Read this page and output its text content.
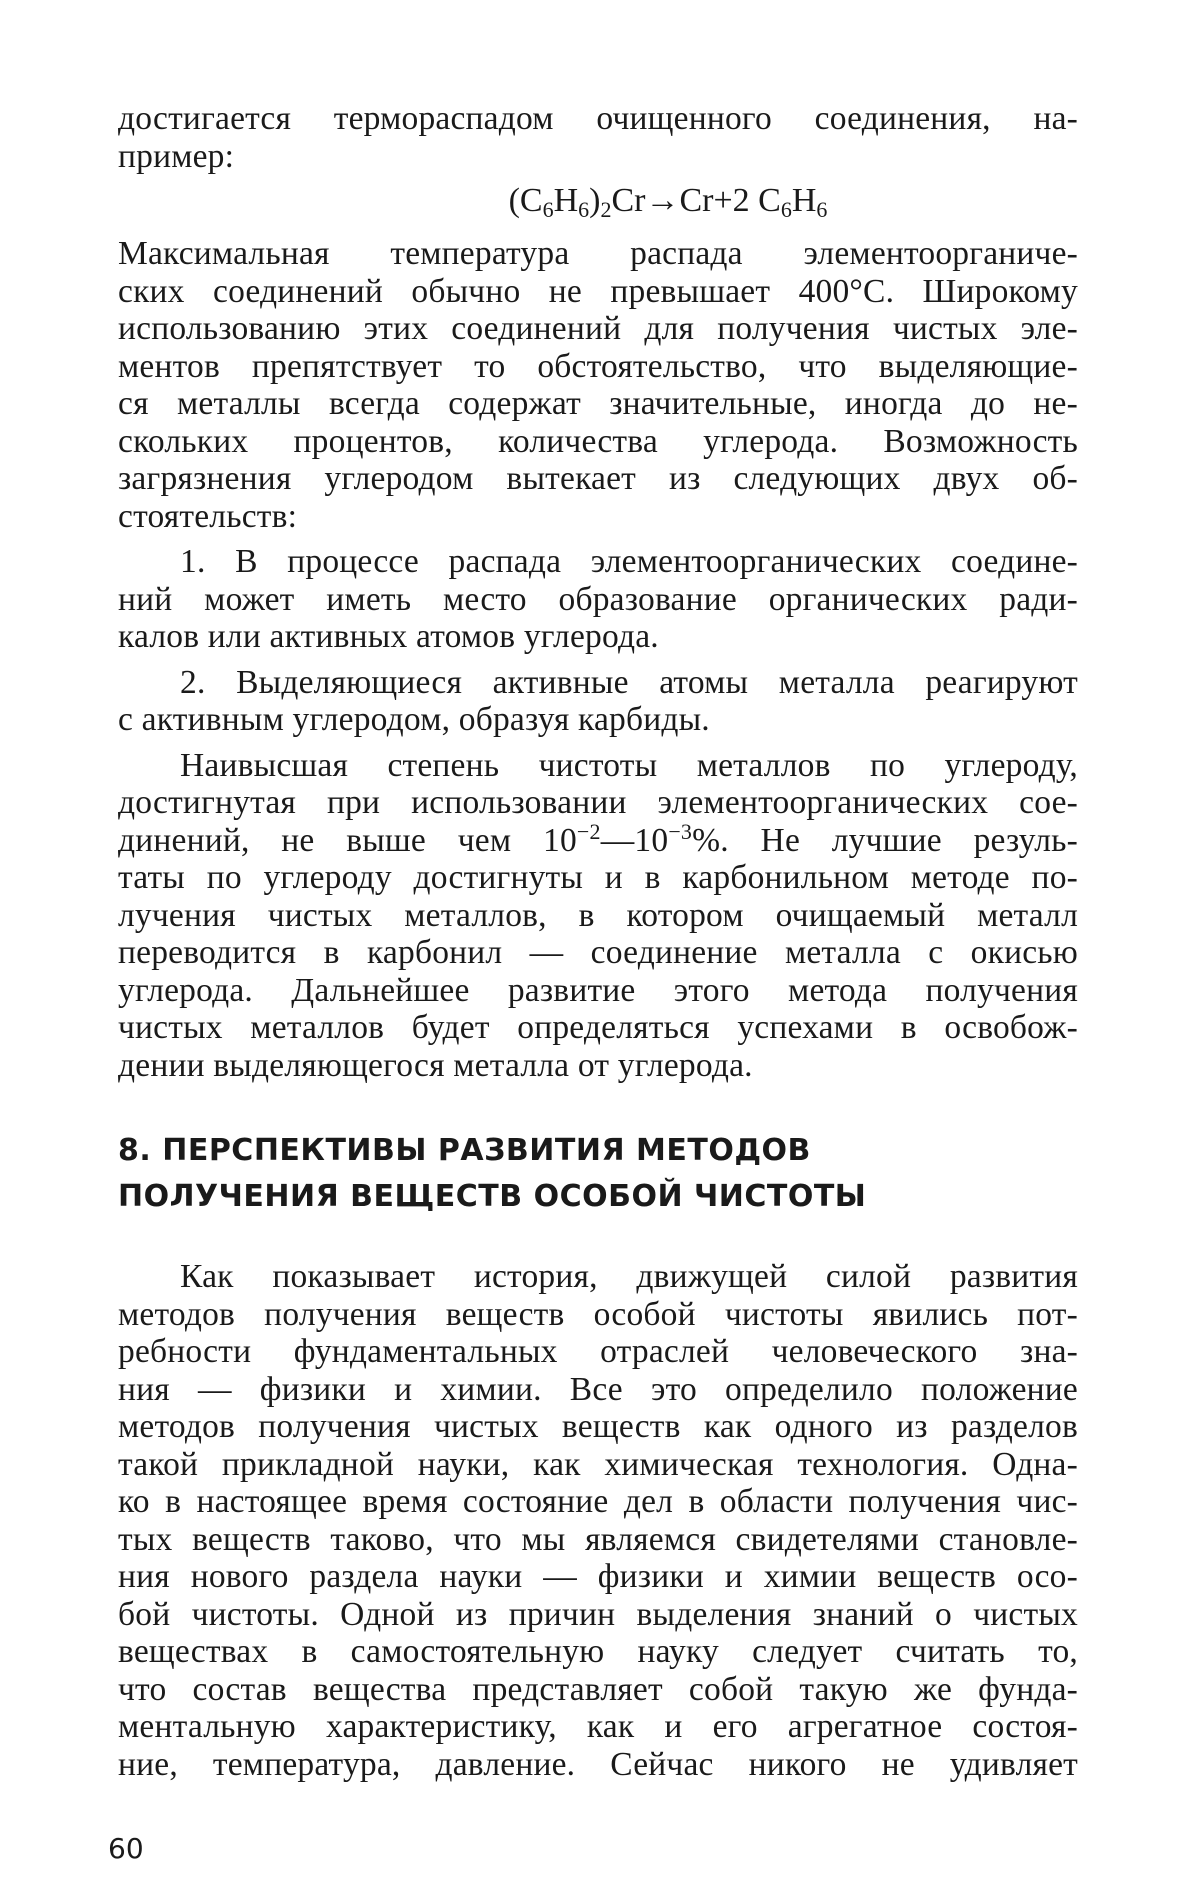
достигается термораспадом очищенного соединения, на-
пример:
$(C_6H_6)_2Cr\to Cr+2$ $C_6H_6$
Максимальная температура распада элементоорганиче-
ских соединений обычно не превышает 400°С. Широкому
использованию этих соединений для получения чистых эле-
ментов препятствует то обстоятельство, что выделяющие-
ся металлы всегда содержат значительные, иногда до не-
скольких процентов, количества углерода. Возможность
загрязнения углеродом вытекает из следующих двух об-
стоятельств:
1. В процессе распада элементоорганических соедине-
ний может иметь место образование органических ради-
калов или активных атомов углерода.
2. Выделяющиеся активные атомы металла реагируют
с активным углеродом, образуя карбиды.
Наивысшая степень чистоты металлов по углероду,
достигнутая при использовании элементоорганических сое-
динений, не выше чем $10^{-2}—10^{-3}\%$. Не лучшие резуль-
таты по углероду достигнуты и в карбонильном методе по-
лучения чистых металлов, в котором очищаемый металл
переводится в карбонил — соединение металла с окисью
углерода. Дальнейшее развитие этого метода получения
чистых металлов будет определяться успехами в освобож-
дении выделяющегося металла от углерода.
8. ПЕРСПЕКТИВЫ РАЗВИТИЯ МЕТОДОВ
ПОЛУЧЕНИЯ ВЕЩЕСТВ ОСОБОЙ ЧИСТОТЫ
Как показывает история, движущей силой развития
методов получения веществ особой чистоты явились пот-
ребности фундаментальных отраслей человеческого зна-
ния — физики и химии. Все это определило положение
методов получения чистых веществ как одного из разделов
такой прикладной науки, как химическая технология. Одна-
ко в настоящее время состояние дел в области получения чис-
тых веществ таково, что мы являемся свидетелями становле-
ния нового раздела науки — физики и химии веществ осо-
бой чистоты. Одной из причин выделения знаний о чистых
веществах в самостоятельную науку следует считать то,
что состав вещества представляет собой такую же фунда-
ментальную характеристику, как и его агрегатное состоя-
ние, температура, давление. Сейчас никого не удивляет
60
